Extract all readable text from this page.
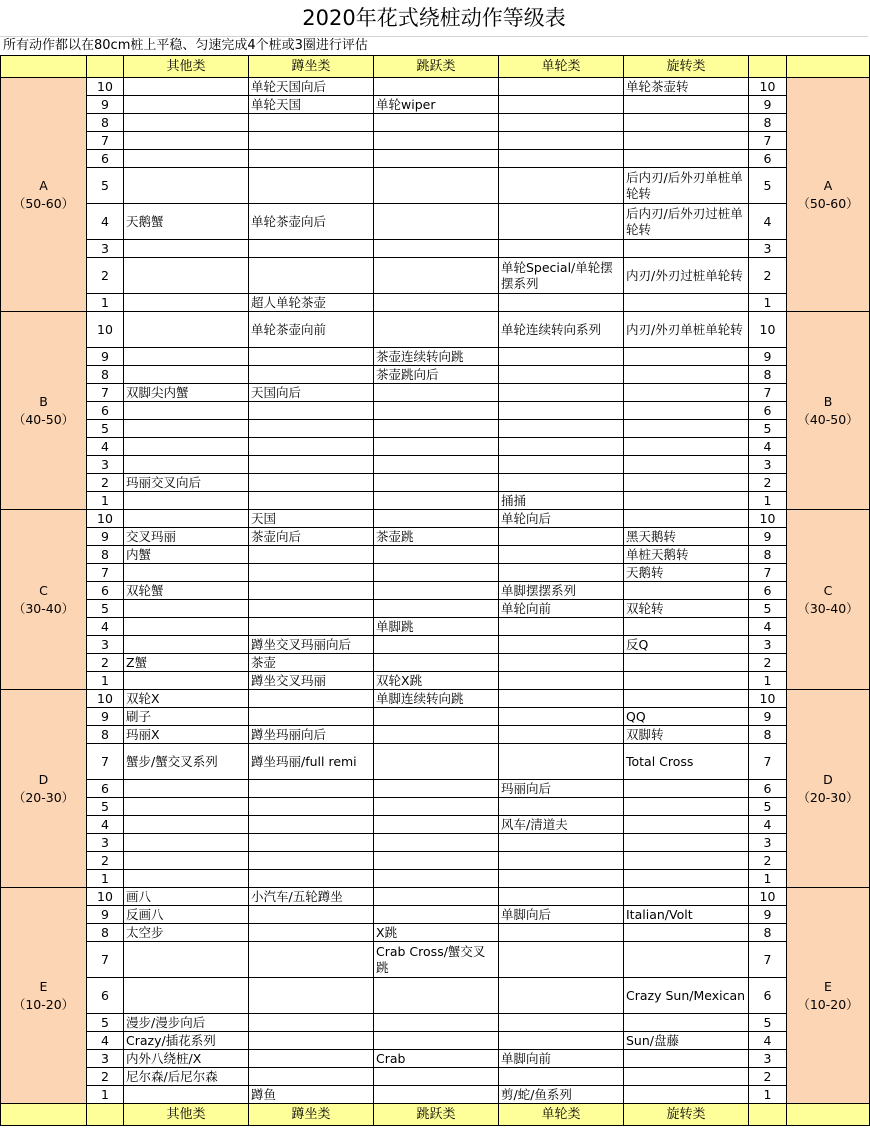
2020年花式绕桩动作等级表
所有动作都以在80cm桩上平稳、匀速完成4个桩或3圈进行评估
		其他类	蹲坐类	跳跃类	单轮类	旋转类		

A
（50-60）	10		单轮天国向后			单轮茶壶转	10	A
（50-60）

	9		单轮天国	单轮wiper			9	
	8						8	
	7						7	
	6						6	
	5					后内刃/后外刃单桩单轮转	5	
	4	天鹅蟹	单轮茶壶向后			后内刃/后外刃过桩单轮转	4	
	3						3	
	2				单轮Special/单轮摆摆系列	内刃/外刃过桩单轮转	2	
	1		超人单轮茶壶				1	

B
（40-50）	10		单轮茶壶向前		单轮连续转向系列	内刃/外刃单桩单轮转	10	B
（40-50）

	9			茶壶连续转向跳			9	
	8			茶壶跳向后			8	
	7	双脚尖内蟹	天国向后				7	
	6						6	
	5						5	
	4						4	
	3						3	
	2	玛丽交叉向后					2	
	1				捅捅		1	

C
（30-40）	10		天国		单轮向后		10	C
（30-40）

	9	交叉玛丽	茶壶向后	茶壶跳		黑天鹅转	9	
	8	内蟹				单桩天鹅转	8	
	7					天鹅转	7	
	6	双轮蟹			单脚摆摆系列		6	
	5				单轮向前	双轮转	5	
	4			单脚跳			4	
	3		蹲坐交叉玛丽向后			反Q	3	
	2	Z蟹	茶壶				2	
	1		蹲坐交叉玛丽	双轮X跳			1	

D
（20-30）	10	双轮X		单脚连续转向跳			10	D
（20-30）

	9	刷子				QQ	9	
	8	玛丽X	蹲坐玛丽向后			双脚转	8	
	7	蟹步/蟹交叉系列	蹲坐玛丽/full remi			Total Cross	7	
	6				玛丽向后		6	
	5						5	
	4				风车/清道夫		4	
	3						3	
	2						2	
	1						1	

E
（10-20）	10	画八	小汽车/五轮蹲坐				10	E
（10-20）

	9	反画八			单脚向后	Italian/Volt	9	
	8	太空步		X跳			8	
	7			Crab Cross/蟹交叉跳			7	
	6					Crazy Sun/Mexican	6	
	5	漫步/漫步向后					5	
	4	Crazy/插花系列				Sun/盘藤	4	
	3	内外八绕桩/X		Crab	单脚向前		3	
	2	尼尔森/后尼尔森					2	
	1		蹲鱼		剪/蛇/鱼系列		1	
		其他类	蹲坐类	跳跃类	单轮类	旋转类		
